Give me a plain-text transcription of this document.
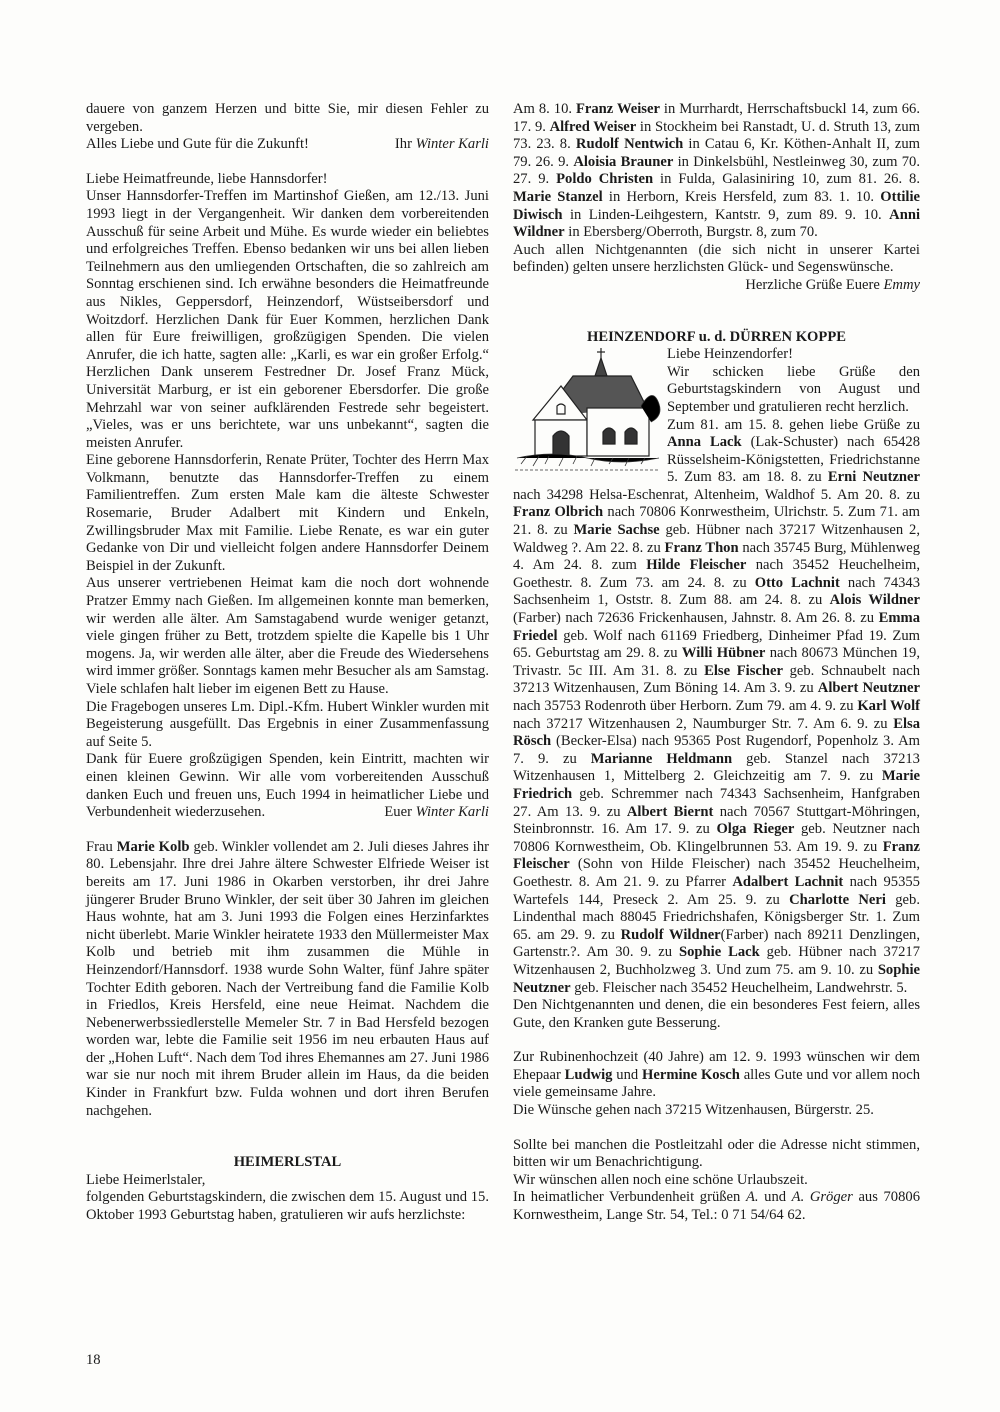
dauere von ganzem Herzen und bitte Sie, mir diesen Fehler zu vergeben.

Alles Liebe und Gute für die Zukunft!	Ihr Winter Karli

Liebe Heimatfreunde, liebe Hannsdorfer!

Unser Hannsdorfer-Treffen im Martinshof Gießen, am 12./13. Juni 1993 liegt in der Vergangenheit. Wir danken dem vorbereitenden Ausschuß für seine Arbeit und Mühe. Es wurde wieder ein beliebtes und erfolgreiches Treffen. Ebenso bedanken wir uns bei allen lieben Teilnehmern aus den umliegenden Ortschaften, die so zahlreich am Sonntag erschienen sind. Ich erwähne besonders die Heimatfreunde aus Nikles, Geppersdorf, Heinzendorf, Wüstseibersdorf und Woitzdorf. Herzlichen Dank für Euer Kommen, herzlichen Dank allen für Eure freiwilligen, großzügigen Spenden. Die vielen Anrufer, die ich hatte, sagten alle: „Karli, es war ein großer Erfolg.“ Herzlichen Dank unserem Festredner Dr. Josef Franz Mück, Universität Marburg, er ist ein geborener Ebersdorfer. Die große Mehrzahl war von seiner aufklärenden Festrede sehr begeistert. „Vieles, was er uns berichtete, war uns unbekannt“, sagten die meisten Anrufer.

Eine geborene Hannsdorferin, Renate Prüter, Tochter des Herrn Max Volkmann, benutzte das Hannsdorfer-Treffen zu einem Familientreffen. Zum ersten Male kam die älteste Schwester Rosemarie, Bruder Adalbert mit Kindern und Enkeln, Zwillingsbruder Max mit Familie. Liebe Renate, es war ein guter Gedanke von Dir und vielleicht folgen andere Hannsdorfer Deinem Beispiel in der Zukunft.

Aus unserer vertriebenen Heimat kam die noch dort wohnende Pratzer Emmy nach Gießen. Im allgemeinen konnte man bemerken, wir werden alle älter. Am Samstagabend wurde weniger getanzt, viele gingen früher zu Bett, trotzdem spielte die Kapelle bis 1 Uhr mogens. Ja, wir werden alle älter, aber die Freude des Wiedersehens wird immer größer. Sonntags kamen mehr Besucher als am Samstag. Viele schlafen halt lieber im eigenen Bett zu Hause.

Die Fragebogen unseres Lm. Dipl.-Kfm. Hubert Winkler wurden mit Begeisterung ausgefüllt. Das Ergebnis in einer Zusammenfassung auf Seite 5.

Dank für Euere großzügigen Spenden, kein Eintritt, machten wir einen kleinen Gewinn. Wir alle vom vorbereitenden Ausschuß danken Euch und freuen uns, Euch 1994 in heimatlicher Liebe und Verbundenheit wiederzusehen.	Euer Winter Karli

Frau Marie Kolb geb. Winkler vollendet am 2. Juli dieses Jahres ihr 80. Lebensjahr. Ihre drei Jahre ältere Schwester Elfriede Weiser ist bereits am 17. Juni 1986 in Okarben verstorben, ihr drei Jahre jüngerer Bruder Bruno Winkler, der seit über 30 Jahren im gleichen Haus wohnte, hat am 3. Juni 1993 die Folgen eines Herzinfarktes nicht überlebt. Marie Winkler heiratete 1933 den Müllermeister Max Kolb und betrieb mit ihm zusammen die Mühle in Heinzendorf/Hannsdorf. 1938 wurde Sohn Walter, fünf Jahre später Tochter Edith geboren. Nach der Vertreibung fand die Familie Kolb in Friedlos, Kreis Hersfeld, eine neue Heimat. Nachdem die Nebenerwerbssiedlerstelle Memeler Str. 7 in Bad Hersfeld bezogen worden war, lebte die Familie seit 1956 im neu erbauten Haus auf der „Hohen Luft“. Nach dem Tod ihres Ehemannes am 27. Juni 1986 war sie nur noch mit ihrem Bruder allein im Haus, da die beiden Kinder in Frankfurt bzw. Fulda wohnen und dort ihren Berufen nachgehen.

HEIMERLSTAL

Liebe Heimerlstaler,

folgenden Geburtstagskindern, die zwischen dem 15. August und 15. Oktober 1993 Geburtstag haben, gratulieren wir aufs herzlichste:

Am 8. 10. Franz Weiser in Murrhardt, Herrschaftsbuckl 14, zum 66. 17. 9. Alfred Weiser in Stockheim bei Ranstadt, U. d. Struth 13, zum 73. 23. 8. Rudolf Nentwich in Catau 6, Kr. Köthen-Anhalt II, zum 79. 26. 9. Aloisia Brauner in Dinkelsbühl, Nestleinweg 30, zum 70. 27. 9. Poldo Christen in Fulda, Galasiniring 10, zum 81. 26. 8. Marie Stanzel in Herborn, Kreis Hersfeld, zum 83. 1. 10. Ottilie Diwisch in Linden-Leihgestern, Kantstr. 9, zum 89. 9. 10. Anni Wildner in Ebersberg/Oberroth, Burgstr. 8, zum 70.

Auch allen Nichtgenannten (die sich nicht in unserer Kartei befinden) gelten unsere herzlichsten Glück- und Segenswünsche.

Herzliche Grüße Euere Emmy

HEINZENDORF u. d. DÜRREN KOPPE

Liebe Heinzendorfer!
Wir schicken liebe Grüße den Geburtstagskindern von August und September und gratulieren recht herzlich.
Zum 81. am 15. 8. gehen liebe Grüße zu Anna Lack (Lak-Schuster) nach 65428 Rüsselsheim-Königstetten, Friedrichstanne 5. Zum 83. am 18. 8. zu Erni Neutzner nach 34298 Helsa-Eschenrat, Altenheim, Waldhof 5. Am 20. 8. zu Franz Olbrich nach 70806 Konrwestheim, Ulrichstr. 5. Zum 71. am 21. 8. zu Marie Sachse geb. Hübner nach 37217 Witzenhausen 2, Waldweg ?. Am 22. 8. zu Franz Thon nach 35745 Burg, Mühlenweg 4. Am 24. 8. zum Hilde Fleischer nach 35452 Heuchelheim, Goethestr. 8. Zum 73. am 24. 8. zu Otto Lachnit nach 74343 Sachsenheim 1, Oststr. 8. Zum 88. am 24. 8. zu Alois Wildner (Farber) nach 72636 Frickenhausen, Jahnstr. 8. Am 26. 8. zu Emma Friedel geb. Wolf nach 61169 Friedberg, Dinheimer Pfad 19. Zum 65. Geburtstag am 29. 8. zu Willi Hübner nach 80673 München 19, Trivastr. 5c III. Am 31. 8. zu Else Fischer geb. Schnaubelt nach 37213 Witzenhausen, Zum Böning 14. Am 3. 9. zu Albert Neutzner nach 35753 Rodenroth über Herborn. Zum 79. am 4. 9. zu Karl Wolf nach 37217 Witzenhausen 2, Naumburger Str. 7. Am 6. 9. zu Elsa Rösch (Becker-Elsa) nach 95365 Post Rugendorf, Popenholz 3. Am 7. 9. zu Marianne Heldmann geb. Stanzel nach 37213 Witzenhausen 1, Mittelberg 2. Gleichzeitig am 7. 9. zu Marie Friedrich geb. Schremmer nach 74343 Sachsenheim, Hanfgraben 27. Am 13. 9. zu Albert Biernt nach 70567 Stuttgart-Möhringen, Steinbronnstr. 16. Am 17. 9. zu Olga Rieger geb. Neutzner nach 70806 Kornwestheim, Ob. Klingelbrunnen 53. Am 19. 9. zu Franz Fleischer (Sohn von Hilde Fleischer) nach 35452 Heuchelheim, Goethestr. 8. Am 21. 9. zu Pfarrer Adalbert Lachnit nach 95355 Wartefels 144, Preseck 2. Am 25. 9. zu Charlotte Neri geb. Lindenthal mach 88045 Friedrichshafen, Königsberger Str. 1. Zum 65. am 29. 9. zu Rudolf Wildner(Farber) nach 89211 Denzlingen, Gartenstr.?. Am 30. 9. zu Sophie Lack geb. Hübner nach 37217 Witzenhausen 2, Buchholzweg 3. Und zum 75. am 9. 10. zu Sophie Neutzner geb. Fleischer nach 35452 Heuchelheim, Landwehrstr. 5.

Den Nichtgenannten und denen, die ein besonderes Fest feiern, alles Gute, den Kranken gute Besserung.

Zur Rubinenhochzeit (40 Jahre) am 12. 9. 1993 wünschen wir dem Ehepaar Ludwig und Hermine Kosch alles Gute und vor allem noch viele gemeinsame Jahre.

Die Wünsche gehen nach 37215 Witzenhausen, Bürgerstr. 25.

Sollte bei manchen die Postleitzahl oder die Adresse nicht stimmen, bitten wir um Benachrichtigung.

Wir wünschen allen noch eine schöne Urlaubszeit.

In heimatlicher Verbundenheit grüßen A. und A. Gröger aus 70806 Kornwestheim, Lange Str. 54, Tel.: 0 71 54/64 62.

18
